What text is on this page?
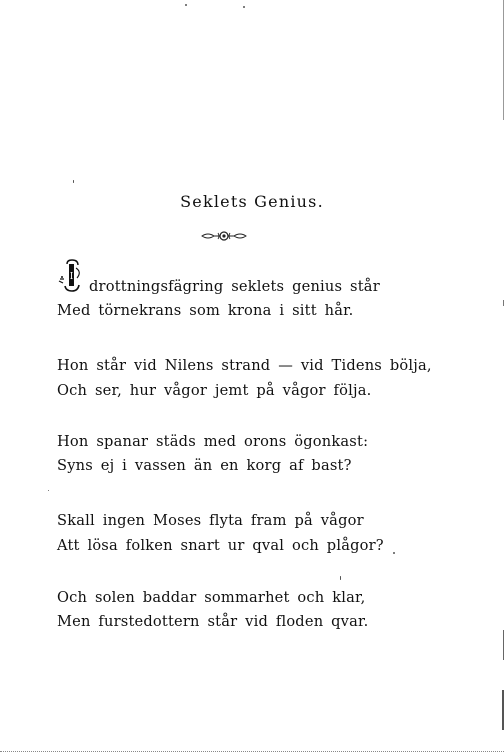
Seklets Genius.
I
drottningsfägring seklets genius står
Med törnekrans som krona i sitt hår.
Hon står vid Nilens strand — vid Tidens bölja,
Och ser, hur vågor jemt på vågor följa.
Hon spanar städs med orons ögonkast:
Syns ej i vassen än en korg af bast?
Skall ingen Moses flyta fram på vågor
Att lösa folken snart ur qval och plågor?
Och solen baddar sommarhet och klar,
Men furstedottern står vid floden qvar.
